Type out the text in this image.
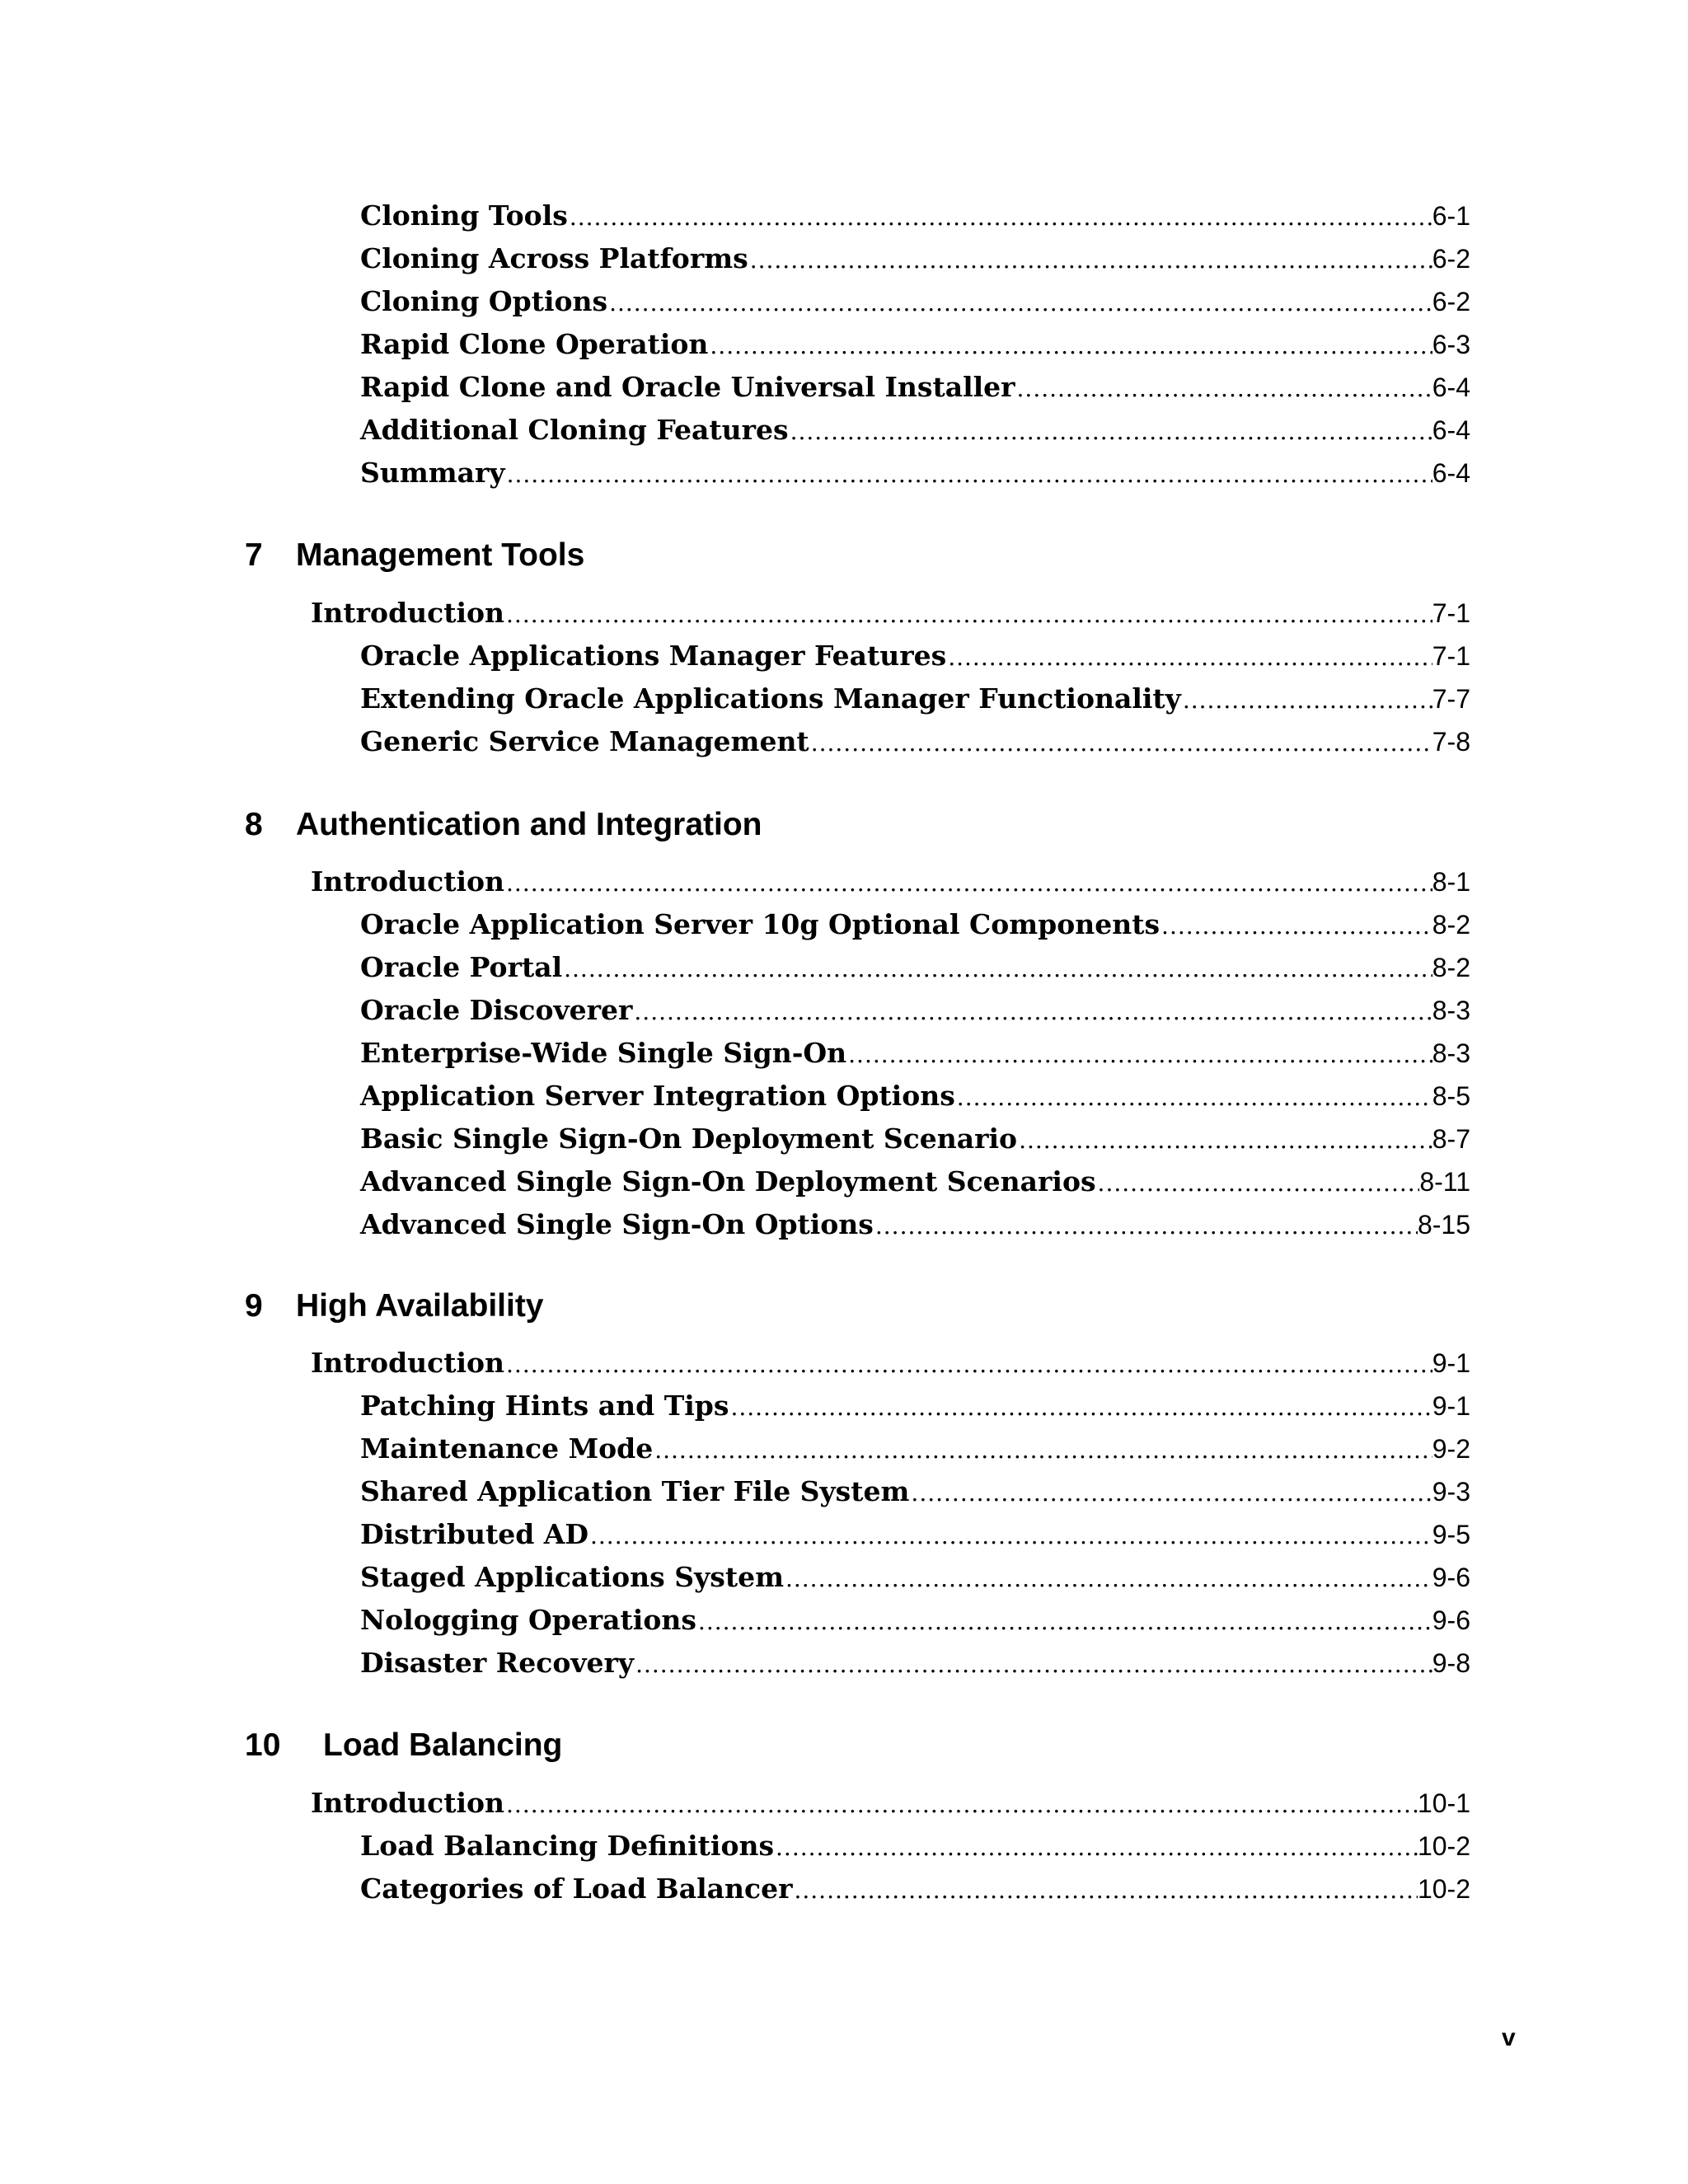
Cloning Tools .....	6-1
Cloning Across Platforms .....	6-2
Cloning Options .....	6-2
Rapid Clone Operation .....	6-3
Rapid Clone and Oracle Universal Installer .....	6-4
Additional Cloning Features .....	6-4
Summary .....	6-4
7	Management Tools
Introduction .....	7-1
Oracle Applications Manager Features .....	7-1
Extending Oracle Applications Manager Functionality .....	7-7
Generic Service Management .....	7-8
8	Authentication and Integration
Introduction .....	8-1
Oracle Application Server 10g Optional Components .....	8-2
Oracle Portal .....	8-2
Oracle Discoverer .....	8-3
Enterprise-Wide Single Sign-On .....	8-3
Application Server Integration Options .....	8-5
Basic Single Sign-On Deployment Scenario .....	8-7
Advanced Single Sign-On Deployment Scenarios .....	8-11
Advanced Single Sign-On Options .....	8-15
9	High Availability
Introduction .....	9-1
Patching Hints and Tips .....	9-1
Maintenance Mode .....	9-2
Shared Application Tier File System .....	9-3
Distributed AD .....	9-5
Staged Applications System .....	9-6
Nologging Operations .....	9-6
Disaster Recovery .....	9-8
10	Load Balancing
Introduction .....	10-1
Load Balancing Definitions .....	10-2
Categories of Load Balancer .....	10-2
v
